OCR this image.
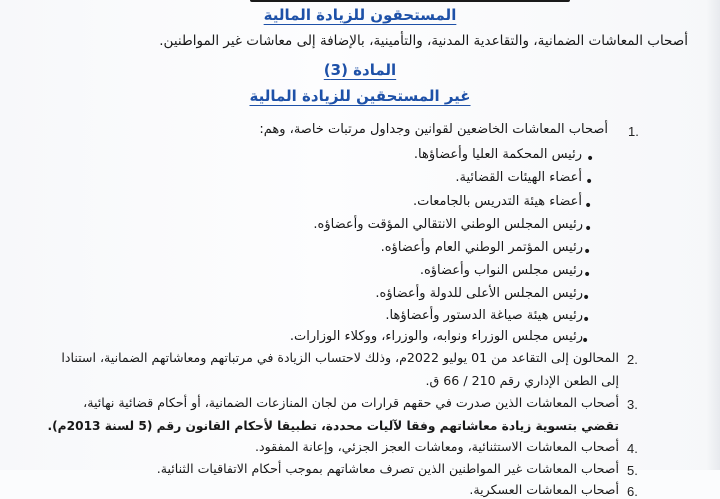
المستحقون للزيادة المالية
أصحاب المعاشات الضمانية، والتقاعدية المدنية، والتأمينية، بالإضافة إلى معاشات غير المواطنين.
المادة (3)
غير المستحقين للزيادة المالية
1.
أصحاب المعاشات الخاضعين لقوانين وجداول مرتبات خاصة، وهم:
•
رئيس المحكمة العليا وأعضاؤها.
•
أعضاء الهيئات القضائية.
•
أعضاء هيئة التدريس بالجامعات.
•
رئيس المجلس الوطني الانتقالي المؤقت وأعضاؤه.
•
رئيس المؤتمر الوطني العام وأعضاؤه.
•
رئيس مجلس النواب وأعضاؤه.
•
رئيس المجلس الأعلى للدولة وأعضاؤه.
•
رئيس هيئة صياغة الدستور وأعضاؤها.
•
رئيس مجلس الوزراء ونوابه، والوزراء، ووكلاء الوزارات.
2.
المحالون إلى التقاعد من 01 يوليو 2022م، وذلك لاحتساب الزيادة في مرتباتهم ومعاشاتهم الضمانية، استنادا
إلى الطعن الإداري رقم 210 / 66 ق.
3.
أصحاب المعاشات الذين صدرت في حقهم قرارات من لجان المنازعات الضمانية، أو أحكام قضائية نهائية،
تقضي بتسوية زيادة معاشاتهم وفقا لآليات محددة، تطبيقا لأحكام القانون رقم (5 لسنة 2013م).
4.
أصحاب المعاشات الاستثنائية، ومعاشات العجز الجزئي، وإعانة المفقود.
5.
أصحاب المعاشات غير المواطنين الذين تصرف معاشاتهم بموجب أحكام الاتفاقيات الثنائية.
6.
أصحاب المعاشات العسكرية.
